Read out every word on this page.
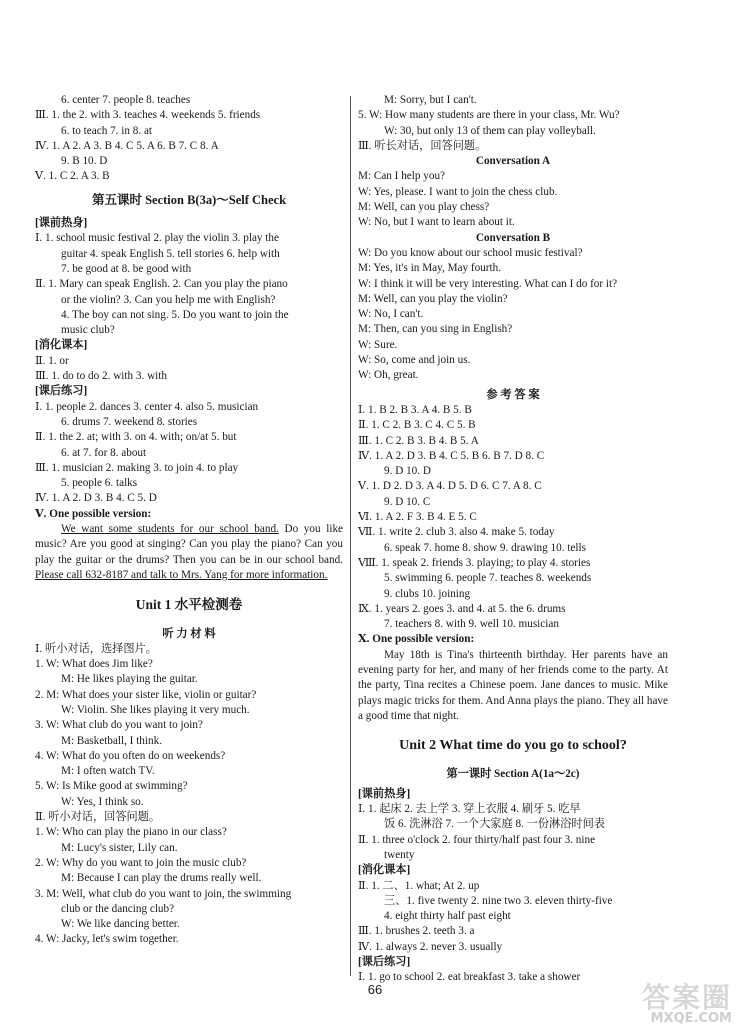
6. center 7. people 8. teaches
Ⅲ. 1. the 2. with 3. teaches 4. weekends 5. friends
6. to teach 7. in 8. at
Ⅳ. 1. A 2. A 3. B 4. C 5. A 6. B 7. C 8. A
9. B 10. D
Ⅴ. 1. C 2. A 3. B
第五课时 Section B(3a)～Self Check
[课前热身]
Ⅰ. 1. school music festival 2. play the violin 3. play the
guitar 4. speak English 5. tell stories 6. help with
7. be good at 8. be good with
Ⅱ. 1. Mary can speak English. 2. Can you play the piano
or the violin? 3. Can you help me with English?
4. The boy can not sing. 5. Do you want to join the
music club?
[消化课本]
Ⅱ. 1. or
Ⅲ. 1. do to do 2. with 3. with
[课后练习]
Ⅰ. 1. people 2. dances 3. center 4. also 5. musician
6. drums 7. weekend 8. stories
Ⅱ. 1. the 2. at; with 3. on 4. with; on/at 5. but
6. at 7. for 8. about
Ⅲ. 1. musician 2. making 3. to join 4. to play
5. people 6. talks
Ⅳ. 1. A 2. D 3. B 4. C 5. D
Ⅴ. One possible version:
We want some students for our school band. Do you like music? Are you good at singing? Can you play the piano? Can you play the guitar or the drums? Then you can be in our school band. Please call 632-8187 and talk to Mrs. Yang for more information.
Unit 1 水平检测卷
听 力 材 料
Ⅰ. 听小对话，选择图片。
1. W: What does Jim like?
M: He likes playing the guitar.
2. M: What does your sister like, violin or guitar?
W: Violin. She likes playing it very much.
3. W: What club do you want to join?
M: Basketball, I think.
4. W: What do you often do on weekends?
M: I often watch TV.
5. W: Is Mike good at swimming?
W: Yes, I think so.
Ⅱ. 听小对话，回答问题。
1. W: Who can play the piano in our class?
M: Lucy's sister, Lily can.
2. W: Why do you want to join the music club?
M: Because I can play the drums really well.
3. M: Well, what club do you want to join, the swimming
club or the dancing club?
W: We like dancing better.
4. W: Jacky, let's swim together.
M: Sorry, but I can't.
5. W: How many students are there in your class, Mr. Wu?
W: 30, but only 13 of them can play volleyball.
Ⅲ. 听长对话，回答问题。
Conversation A
M: Can I help you?
W: Yes, please. I want to join the chess club.
M: Well, can you play chess?
W: No, but I want to learn about it.
Conversation B
W: Do you know about our school music festival?
M: Yes, it's in May, May fourth.
W: I think it will be very interesting. What can I do for it?
M: Well, can you play the violin?
W: No, I can't.
M: Then, can you sing in English?
W: Sure.
W: So, come and join us.
W: Oh, great.
参 考 答 案
Ⅰ. 1. B 2. B 3. A 4. B 5. B
Ⅱ. 1. C 2. B 3. C 4. C 5. B
Ⅲ. 1. C 2. B 3. B 4. B 5. A
Ⅳ. 1. A 2. D 3. B 4. C 5. B 6. B 7. D 8. C
9. D 10. D
Ⅴ. 1. D 2. D 3. A 4. D 5. D 6. C 7. A 8. C
9. D 10. C
Ⅵ. 1. A 2. F 3. B 4. E 5. C
Ⅶ. 1. write 2. club 3. also 4. make 5. today
6. speak 7. home 8. show 9. drawing 10. tells
Ⅷ. 1. speak 2. friends 3. playing; to play 4. stories
5. swimming 6. people 7. teaches 8. weekends
9. clubs 10. joining
Ⅸ. 1. years 2. goes 3. and 4. at 5. the 6. drums
7. teachers 8. with 9. well 10. musician
Ⅹ. One possible version:
May 18th is Tina's thirteenth birthday. Her parents have an evening party for her, and many of her friends come to the party. At the party, Tina recites a Chinese poem. Jane dances to music. Mike plays magic tricks for them. And Anna plays the piano. They all have a good time that night.
Unit 2 What time do you go to school?
第一课时 Section A(1a～2c)
[课前热身]
Ⅰ. 1. 起床 2. 去上学 3. 穿上衣服 4. 刷牙 5. 吃早
饭 6. 洗淋浴 7. 一个大家庭 8. 一份淋浴时间表
Ⅱ. 1. three o'clock 2. four thirty/half past four 3. nine
twenty
[消化课本]
Ⅱ. 1. 二、1. what; At 2. up
三、1. five twenty 2. nine two 3. eleven thirty-five
4. eight thirty half past eight
Ⅲ. 1. brushes 2. teeth 3. a
Ⅳ. 1. always 2. never 3. usually
[课后练习]
Ⅰ. 1. go to school 2. eat breakfast 3. take a shower
66	答案圈
MXQE.COM
